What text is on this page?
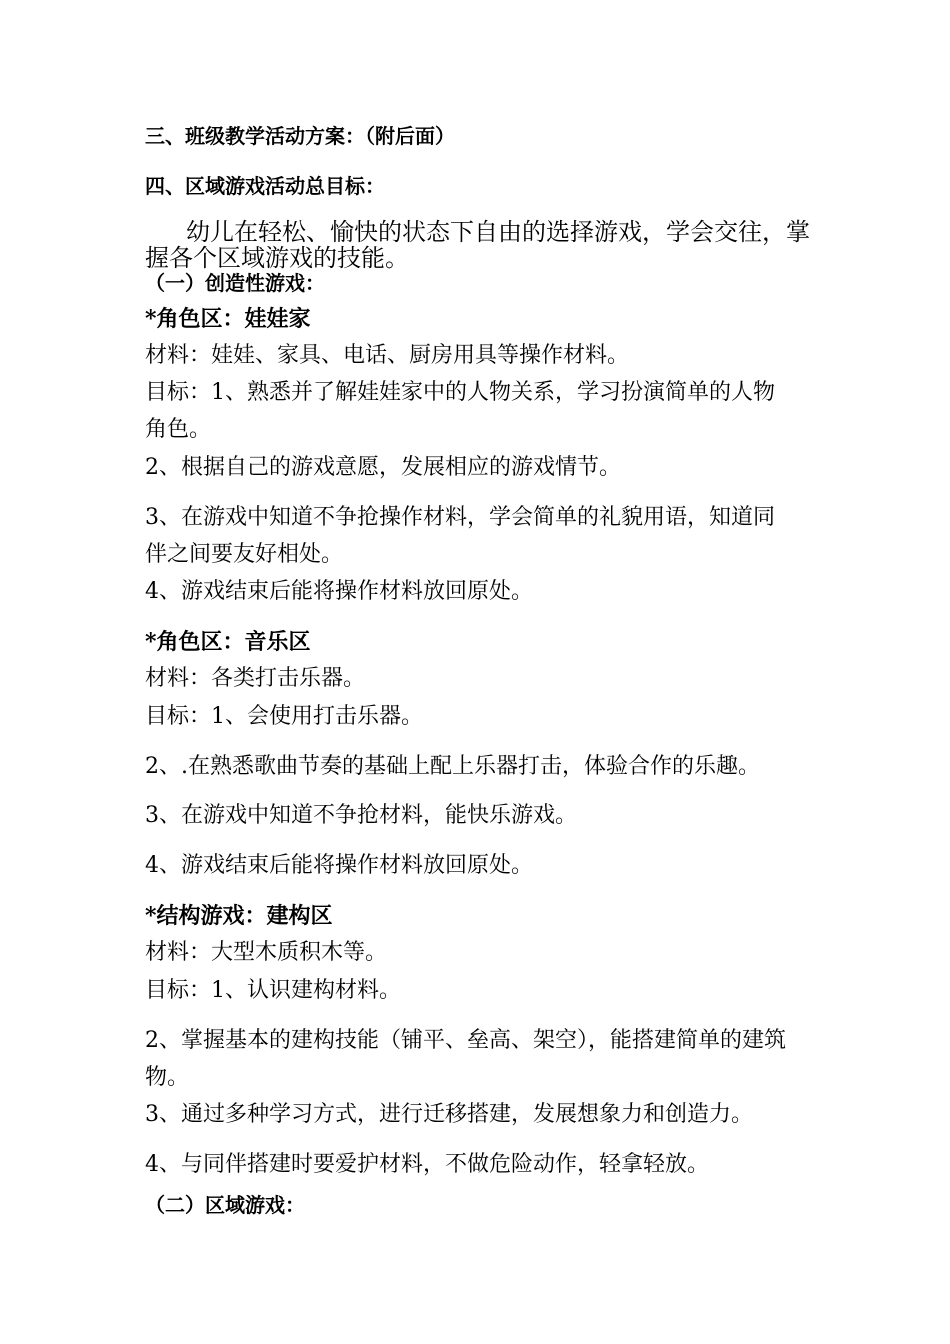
三、班级教学活动方案：（附后面）
四、区域游戏活动总目标：
幼儿在轻松、愉快的状态下自由的选择游戏，学会交往，掌
握各个区域游戏的技能。
（一）创造性游戏：
*角色区：娃娃家
材料：娃娃、家具、电话、厨房用具等操作材料。
目标：1、熟悉并了解娃娃家中的人物关系，学习扮演简单的人物
角色。
2、根据自己的游戏意愿，发展相应的游戏情节。
3、在游戏中知道不争抢操作材料，学会简单的礼貌用语，知道同
伴之间要友好相处。
4、游戏结束后能将操作材料放回原处。
*角色区：音乐区
材料：各类打击乐器。
目标：1、会使用打击乐器。
2、.在熟悉歌曲节奏的基础上配上乐器打击，体验合作的乐趣。
3、在游戏中知道不争抢材料，能快乐游戏。
4、游戏结束后能将操作材料放回原处。
*结构游戏：建构区
材料：大型木质积木等。
目标：1、认识建构材料。
2、掌握基本的建构技能（铺平、垒高、架空），能搭建简单的建筑
物。
3、通过多种学习方式，进行迁移搭建，发展想象力和创造力。
4、与同伴搭建时要爱护材料，不做危险动作，轻拿轻放。
（二）区域游戏：
